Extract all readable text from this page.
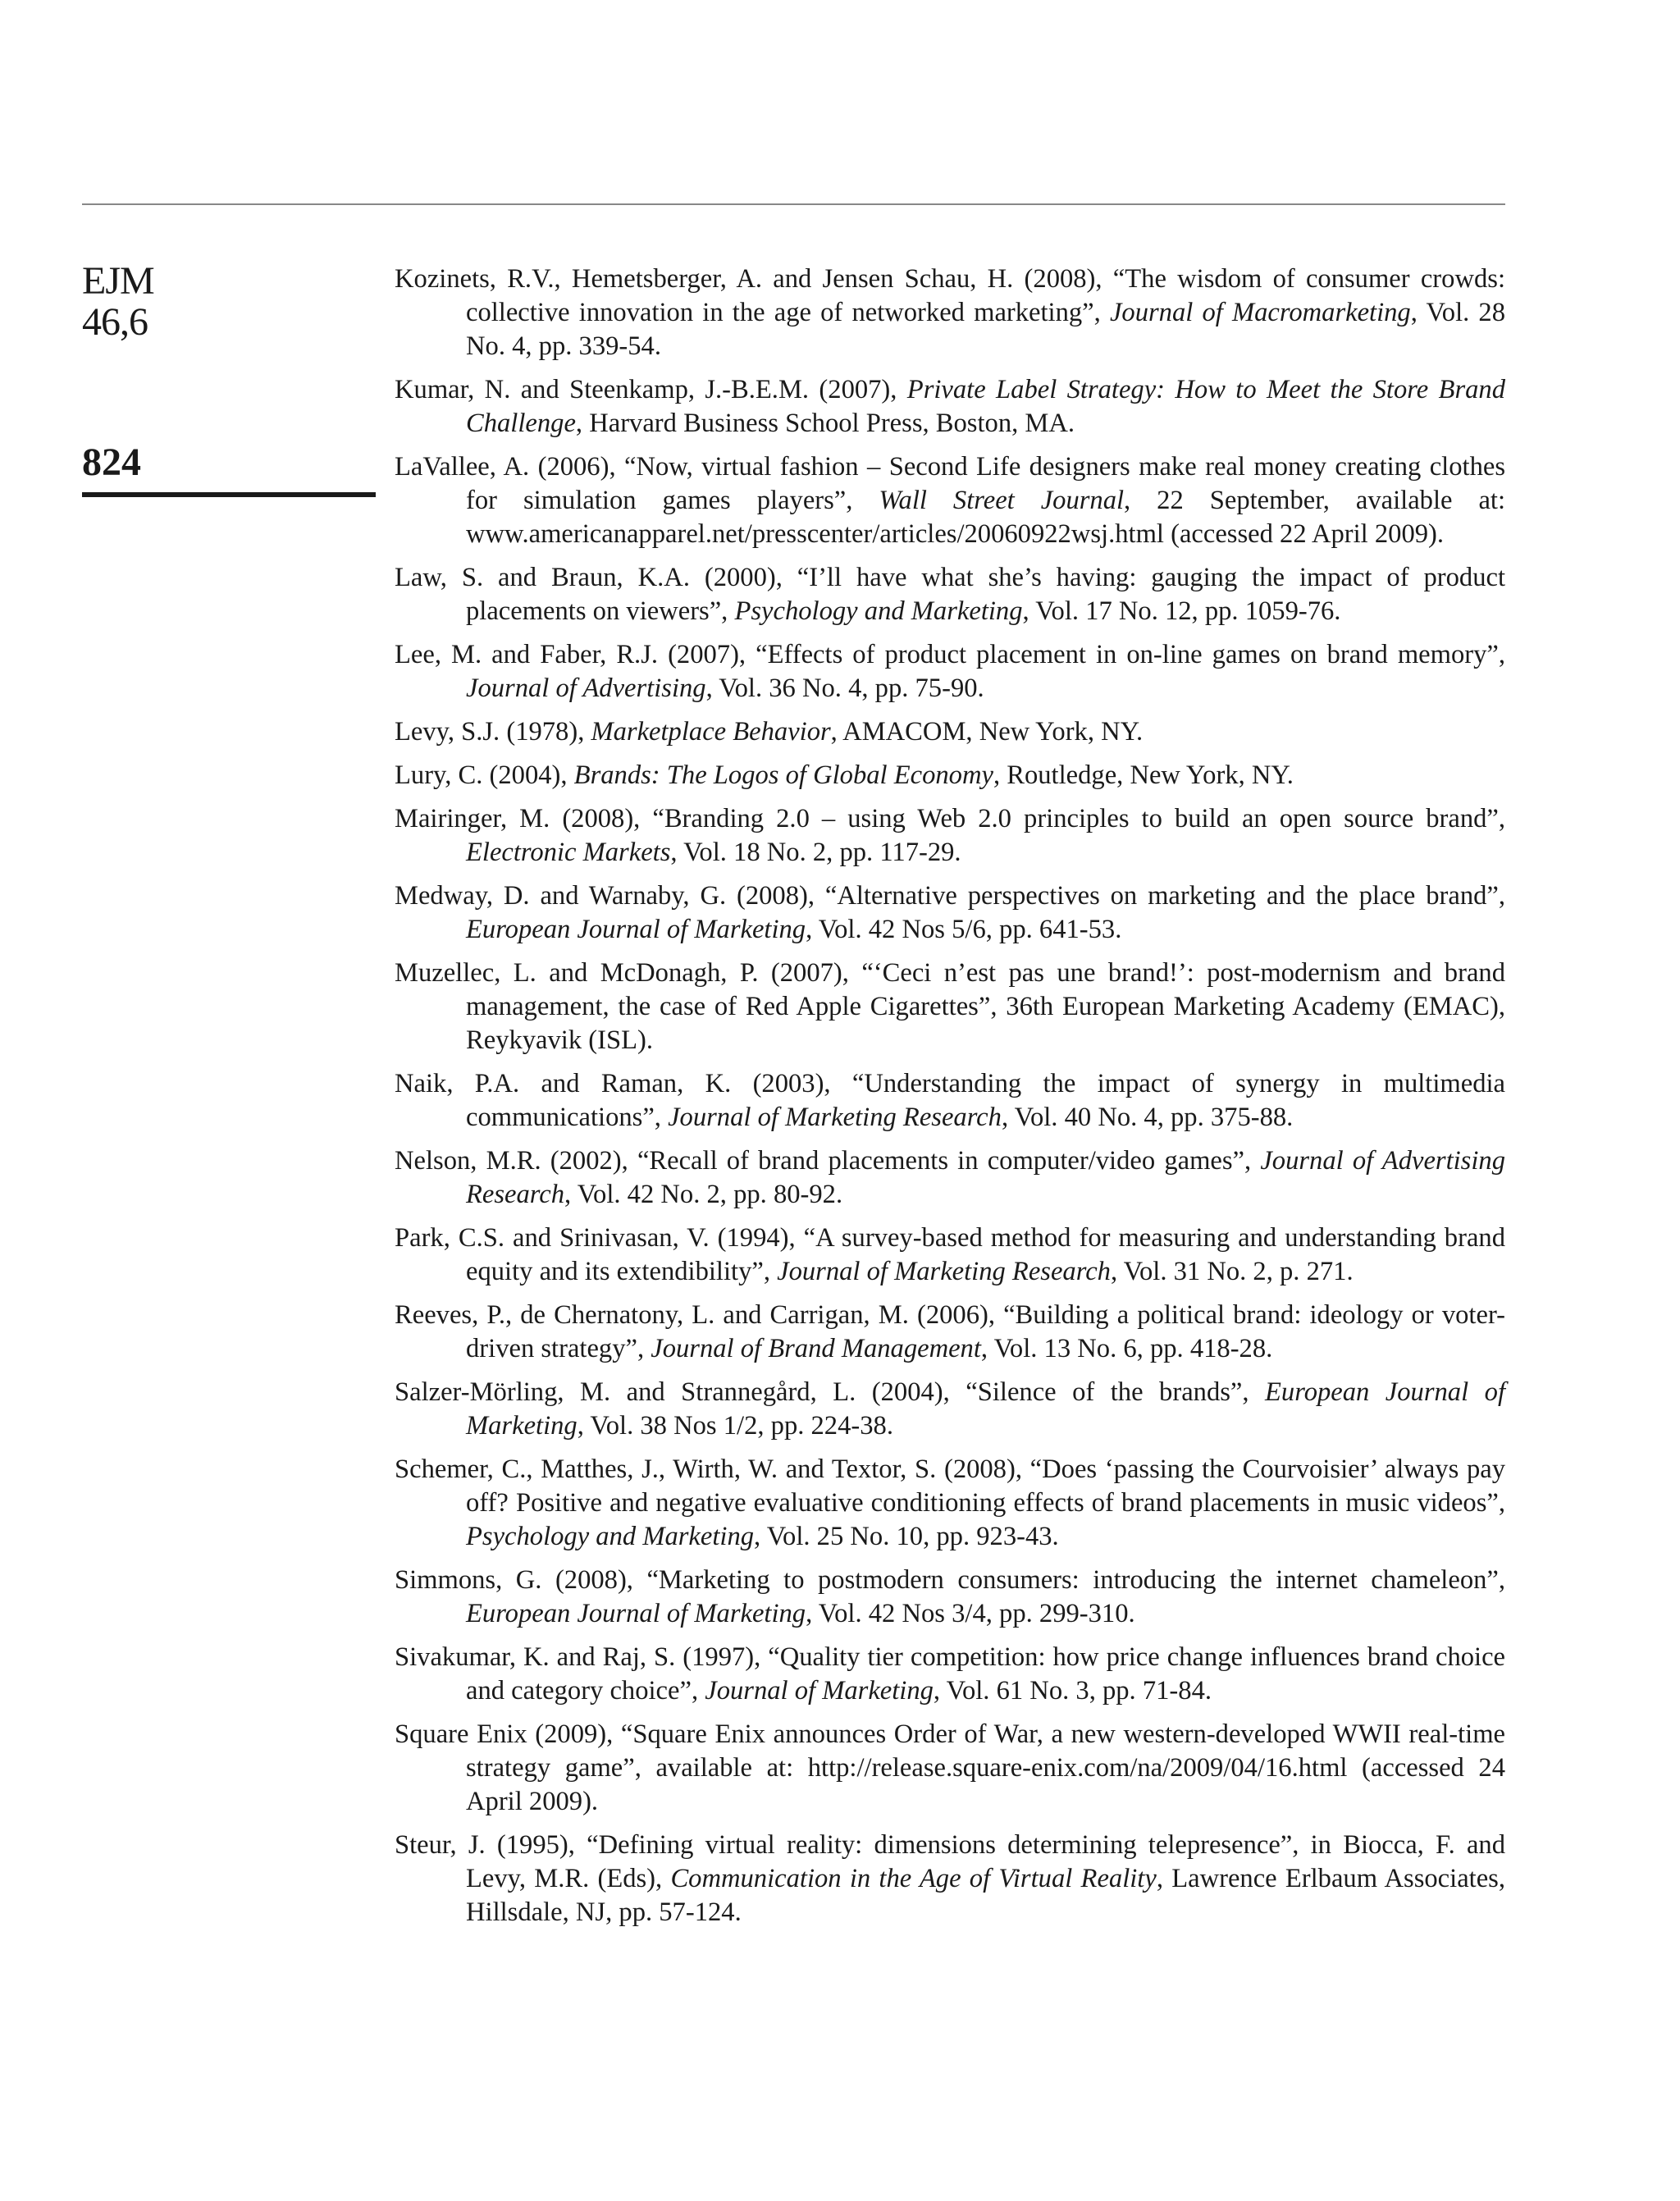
EJM
46,6
824

Kozinets, R.V., Hemetsberger, A. and Jensen Schau, H. (2008), “The wisdom of consumer crowds: collective innovation in the age of networked marketing”, Journal of Macromarketing, Vol. 28 No. 4, pp. 339-54.

Kumar, N. and Steenkamp, J.-B.E.M. (2007), Private Label Strategy: How to Meet the Store Brand Challenge, Harvard Business School Press, Boston, MA.

LaVallee, A. (2006), “Now, virtual fashion – Second Life designers make real money creating clothes for simulation games players”, Wall Street Journal, 22 September, available at: www.americanapparel.net/presscenter/articles/20060922wsj.html (accessed 22 April 2009).

Law, S. and Braun, K.A. (2000), “I’ll have what she’s having: gauging the impact of product placements on viewers”, Psychology and Marketing, Vol. 17 No. 12, pp. 1059-76.

Lee, M. and Faber, R.J. (2007), “Effects of product placement in on-line games on brand memory”, Journal of Advertising, Vol. 36 No. 4, pp. 75-90.

Levy, S.J. (1978), Marketplace Behavior, AMACOM, New York, NY.

Lury, C. (2004), Brands: The Logos of Global Economy, Routledge, New York, NY.

Mairinger, M. (2008), “Branding 2.0 – using Web 2.0 principles to build an open source brand”, Electronic Markets, Vol. 18 No. 2, pp. 117-29.

Medway, D. and Warnaby, G. (2008), “Alternative perspectives on marketing and the place brand”, European Journal of Marketing, Vol. 42 Nos 5/6, pp. 641-53.

Muzellec, L. and McDonagh, P. (2007), “‘Ceci n’est pas une brand!’: post-modernism and brand management, the case of Red Apple Cigarettes”, 36th European Marketing Academy (EMAC), Reykyavik (ISL).

Naik, P.A. and Raman, K. (2003), “Understanding the impact of synergy in multimedia communications”, Journal of Marketing Research, Vol. 40 No. 4, pp. 375-88.

Nelson, M.R. (2002), “Recall of brand placements in computer/video games”, Journal of Advertising Research, Vol. 42 No. 2, pp. 80-92.

Park, C.S. and Srinivasan, V. (1994), “A survey-based method for measuring and understanding brand equity and its extendibility”, Journal of Marketing Research, Vol. 31 No. 2, p. 271.

Reeves, P., de Chernatony, L. and Carrigan, M. (2006), “Building a political brand: ideology or voter-driven strategy”, Journal of Brand Management, Vol. 13 No. 6, pp. 418-28.

Salzer-Mörling, M. and Strannegård, L. (2004), “Silence of the brands”, European Journal of Marketing, Vol. 38 Nos 1/2, pp. 224-38.

Schemer, C., Matthes, J., Wirth, W. and Textor, S. (2008), “Does ‘passing the Courvoisier’ always pay off? Positive and negative evaluative conditioning effects of brand placements in music videos”, Psychology and Marketing, Vol. 25 No. 10, pp. 923-43.

Simmons, G. (2008), “Marketing to postmodern consumers: introducing the internet chameleon”, European Journal of Marketing, Vol. 42 Nos 3/4, pp. 299-310.

Sivakumar, K. and Raj, S. (1997), “Quality tier competition: how price change influences brand choice and category choice”, Journal of Marketing, Vol. 61 No. 3, pp. 71-84.

Square Enix (2009), “Square Enix announces Order of War, a new western-developed WWII real-time strategy game”, available at: http://release.square-enix.com/na/2009/04/16.html (accessed 24 April 2009).

Steur, J. (1995), “Defining virtual reality: dimensions determining telepresence”, in Biocca, F. and Levy, M.R. (Eds), Communication in the Age of Virtual Reality, Lawrence Erlbaum Associates, Hillsdale, NJ, pp. 57-124.
